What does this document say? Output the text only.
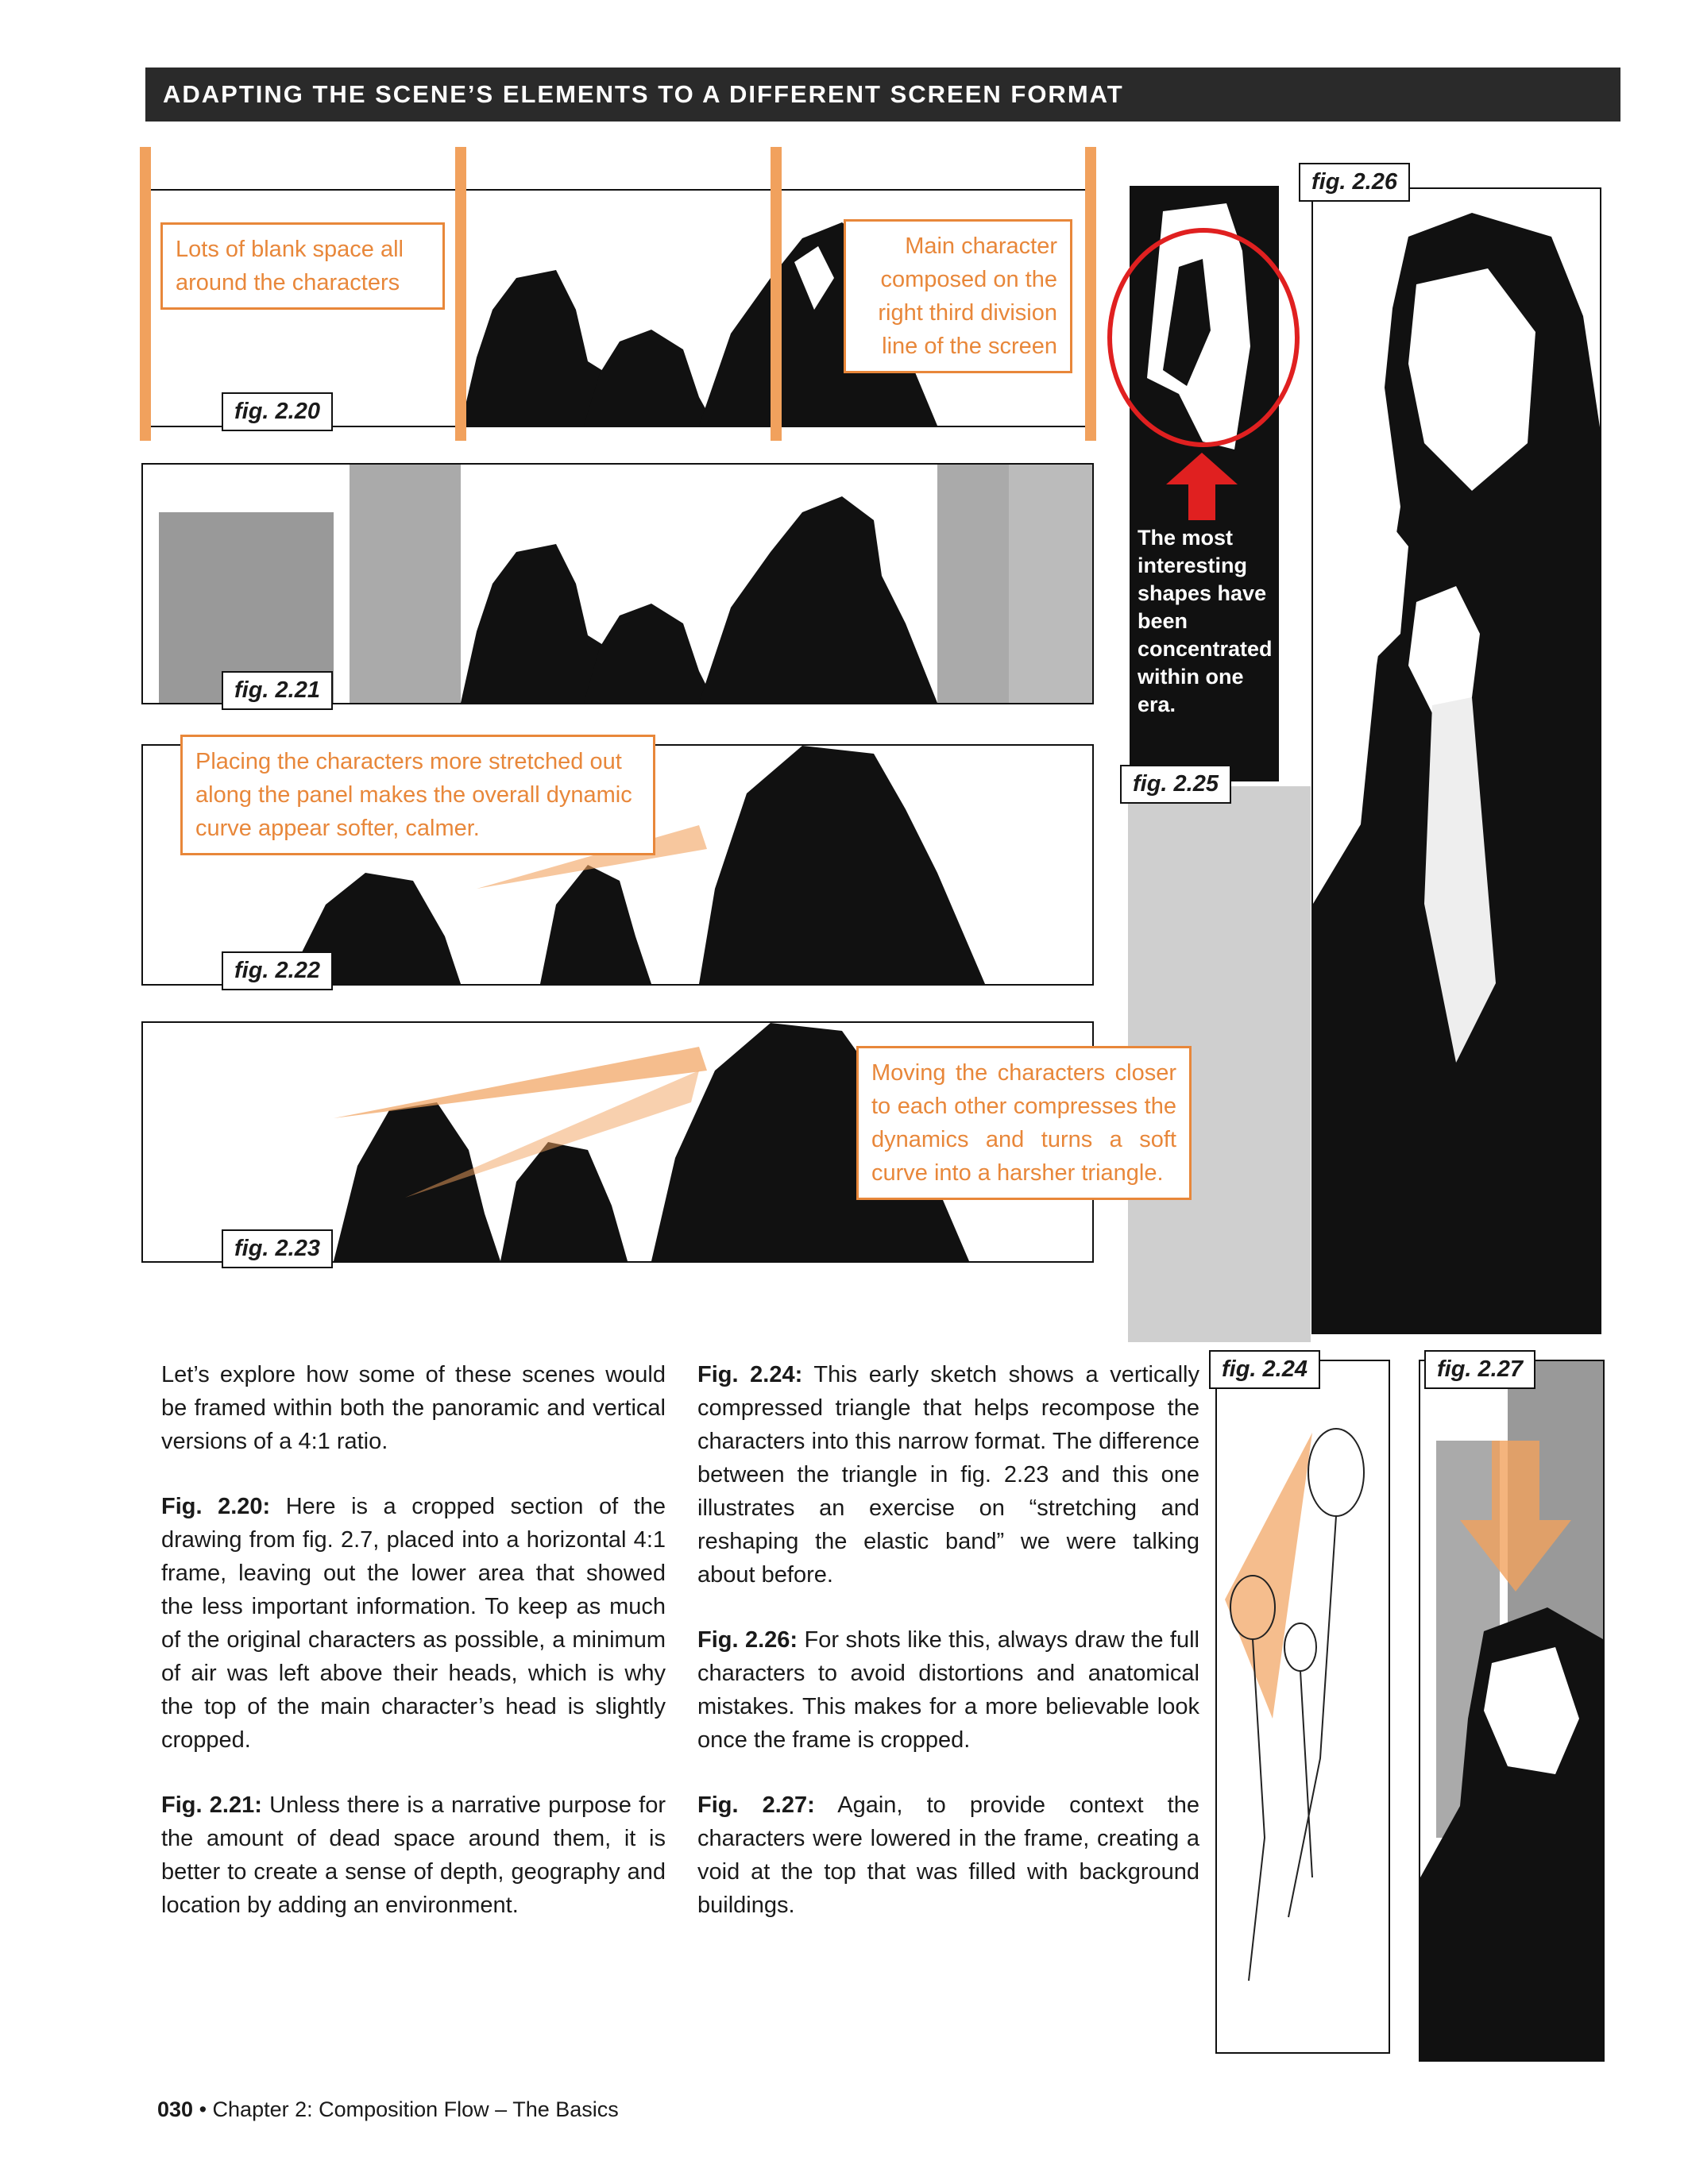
ADAPTING THE SCENE’S ELEMENTS TO A DIFFERENT SCREEN FORMAT
Lots of blank space all around the characters
Main character composed on the right third division line of the screen
fig. 2.20
fig. 2.21
Placing the characters more stretched out along the panel makes the overall dynamic curve appear softer, calmer.
fig. 2.22
Moving the characters closer to each other compresses the dynamics and turns a soft curve into a harsher triangle.
fig. 2.23
The most interesting shapes have been concentrated within one era.
fig. 2.25
fig. 2.26

Let’s explore how some of these scenes would be framed within both the panoramic and vertical versions of a 4:1 ratio.

Fig. 2.20: Here is a cropped section of the drawing from fig. 2.7, placed into a horizontal 4:1 frame, leaving out the lower area that showed the less important information. To keep as much of the original characters as possible, a minimum of air was left above their heads, which is why the top of the main character’s head is slightly cropped.

Fig. 2.21: Unless there is a narrative purpose for the amount of dead space around them, it is better to create a sense of depth, geography and location by adding an environment.

Fig. 2.24: This early sketch shows a vertically compressed triangle that helps recompose the characters into this narrow format. The difference between the triangle in fig. 2.23 and this one illustrates an exercise on “stretching and reshaping the elastic band” we were talking about before.

Fig. 2.26: For shots like this, always draw the full characters to avoid distortions and anatomical mistakes. This makes for a more believable look once the frame is cropped.

Fig. 2.27: Again, to provide context the characters were lowered in the frame, creating a void at the top that was filled with background buildings.

fig. 2.24	fig. 2.27
030 • Chapter 2: Composition Flow – The Basics
